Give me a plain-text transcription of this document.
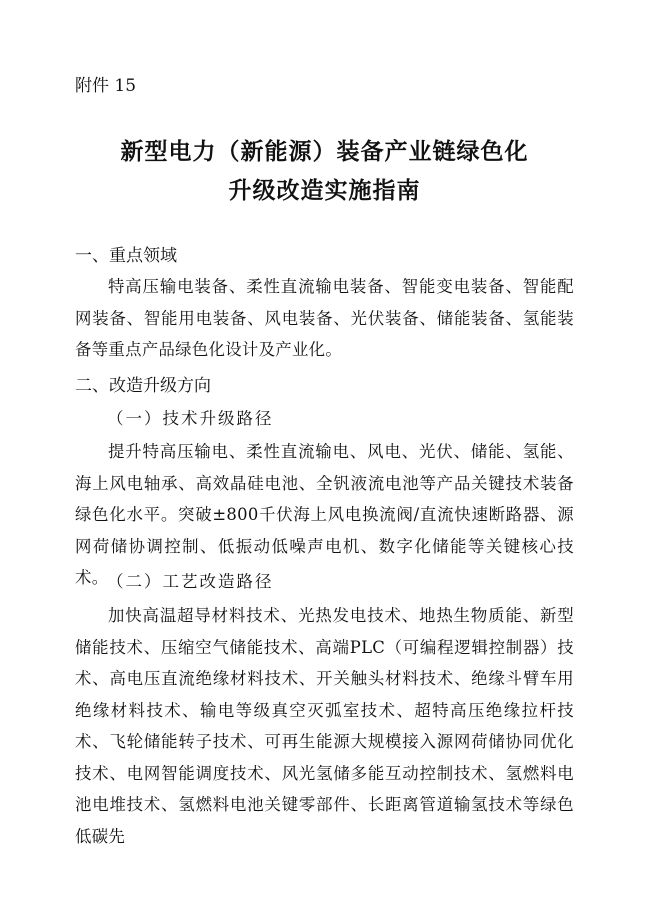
附件 15
新型电力（新能源）装备产业链绿色化
升级改造实施指南
一、重点领域
特高压输电装备、柔性直流输电装备、智能变电装备、智能配网装备、智能用电装备、风电装备、光伏装备、储能装备、氢能装备等重点产品绿色化设计及产业化。
二、改造升级方向
（一）技术升级路径
提升特高压输电、柔性直流输电、风电、光伏、储能、氢能、海上风电轴承、高效晶硅电池、全钒液流电池等产品关键技术装备绿色化水平。突破±800千伏海上风电换流阀/直流快速断路器、源网荷储协调控制、低振动低噪声电机、数字化储能等关键核心技术。
（二）工艺改造路径
加快高温超导材料技术、光热发电技术、地热生物质能、新型储能技术、压缩空气储能技术、高端PLC（可编程逻辑控制器）技术、高电压直流绝缘材料技术、开关触头材料技术、绝缘斗臂车用绝缘材料技术、输电等级真空灭弧室技术、超特高压绝缘拉杆技术、飞轮储能转子技术、可再生能源大规模接入源网荷储协同优化技术、电网智能调度技术、风光氢储多能互动控制技术、氢燃料电池电堆技术、氢燃料电池关键零部件、长距离管道输氢技术等绿色低碳先
